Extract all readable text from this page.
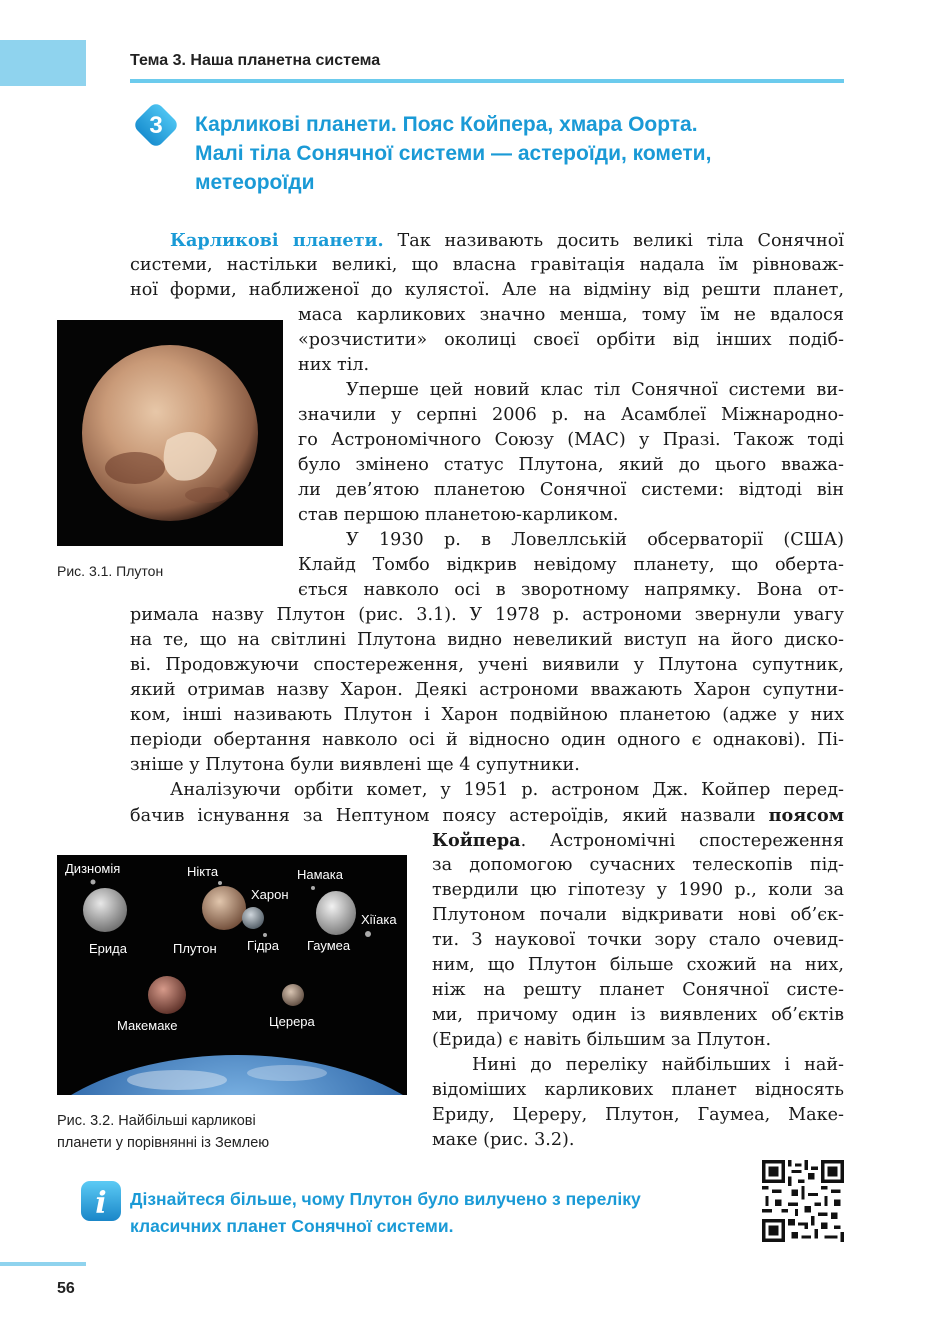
Тема 3. Наша планетна система
3 Карликові планети. Пояс Койпера, хмара Оорта.
Малі тіла Сонячної системи — астероїди, комети,
метеороїди
Карликові планети. Так називають досить великі тіла Сонячної
системи, настільки великі, що власна гравітація надала їм рівноваж-
ної форми, наближеної до кулястої. Але на відміну від решти планет,
маса карликових значно менша, тому їм не вдалося
«розчистити» околиці своєї орбіти від інших подіб-
них тіл.
Уперше цей новий клас тіл Сонячної системи ви-
значили у серпні 2006 р. на Асамблеї Міжнародно-
го Астрономічного Союзу (МАС) у Празі. Також тоді
було змінено статус Плутона, який до цього вважа-
ли дев’ятою планетою Сонячної системи: відтоді він
став першою планетою-карликом.
У 1930 р. в Ловеллській обсерваторії (США)
Клайд Томбо відкрив невідому планету, що оберта-
ється навколо осі в зворотному напрямку. Вона от-
римала назву Плутон (рис. 3.1). У 1978 р. астрономи звернули увагу
на те, що на світлині Плутона видно невеликий виступ на його диско-
ві. Продовжуючи спостереження, учені виявили у Плутона супутник,
який отримав назву Харон. Деякі астрономи вважають Харон супутни-
ком, інші називають Плутон і Харон подвійною планетою (адже у них
періоди обертання навколо осі й відносно один одного є однакові). Пі-
зніше у Плутона були виявлені ще 4 супутники.
Аналізуючи орбіти комет, у 1951 р. астроном Дж. Койпер перед-
бачив існування за Нептуном поясу астероїдів, який назвали поясом
Койпера. Астрономічні спостереження
за допомогою сучасних телескопів під-
твердили цю гіпотезу у 1990 р., коли за
Плутоном почали відкривати нові об’єк-
ти. З наукової точки зору стало очевид-
ним, що Плутон більше схожий на них,
ніж на решту планет Сонячної систе-
ми, причому один із виявлених об’єктів
(Ерида) є навіть більшим за Плутон.
Нині до переліку найбільших і най-
відоміших карликових планет відносять
Ериду, Цереру, Плутон, Гаумеа, Маке-
маке (рис. 3.2).
Рис. 3.1. Плутон
Дизномія	Нікта	Намака
Харон
Хіїака
Ерида	Плутон Гідра Гаумеа
Макемаке	Церера
Рис. 3.2. Найбільші карликові
планети у порівнянні із Землею
i Дізнайтеся більше, чому Плутон було вилучено з переліку
класичних планет Сонячної системи.
56
